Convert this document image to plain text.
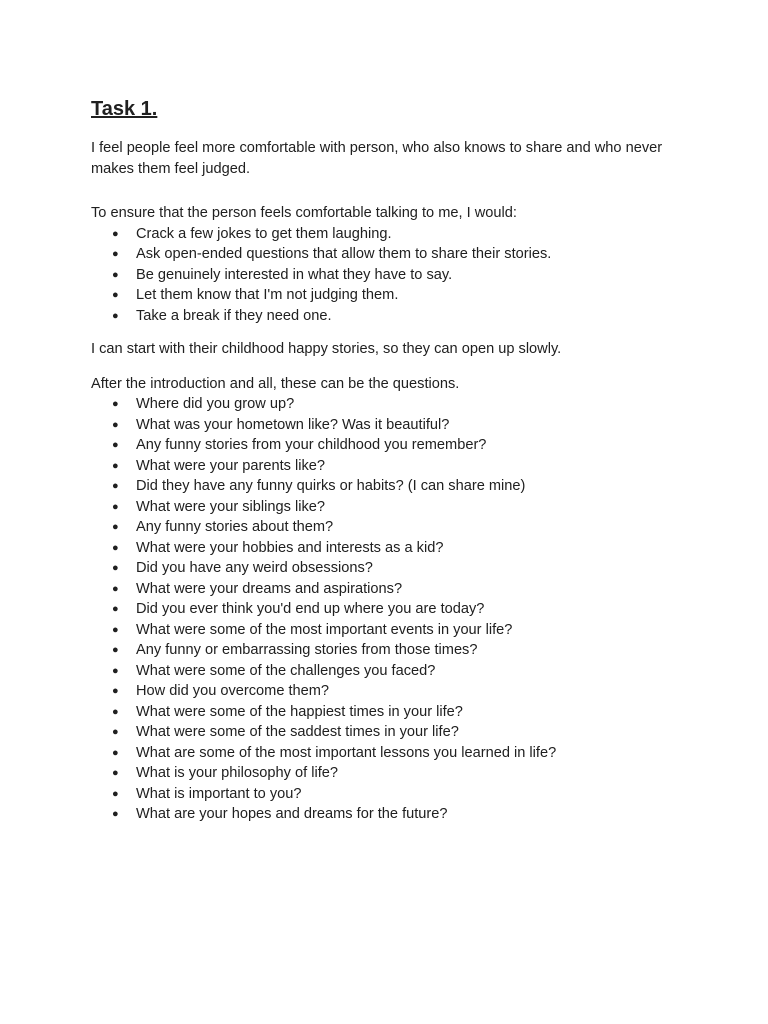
Task 1.

I feel people feel more comfortable with person, who also knows to share and who never makes them feel judged.

To ensure that the person feels comfortable talking to me, I would:

● Crack a few jokes to get them laughing.
● Ask open-ended questions that allow them to share their stories.
● Be genuinely interested in what they have to say.
● Let them know that I'm not judging them.
● Take a break if they need one.

I can start with their childhood happy stories, so they can open up slowly.

After the introduction and all, these can be the questions.

● Where did you grow up?
● What was your hometown like? Was it beautiful?
● Any funny stories from your childhood you remember?
● What were your parents like?
● Did they have any funny quirks or habits? (I can share mine)
● What were your siblings like?
● Any funny stories about them?
● What were your hobbies and interests as a kid?
● Did you have any weird obsessions?
● What were your dreams and aspirations?
● Did you ever think you'd end up where you are today?
● What were some of the most important events in your life?
● Any funny or embarrassing stories from those times?
● What were some of the challenges you faced?
● How did you overcome them?
● What were some of the happiest times in your life?
● What were some of the saddest times in your life?
● What are some of the most important lessons you learned in life?
● What is your philosophy of life?
● What is important to you?
● What are your hopes and dreams for the future?
